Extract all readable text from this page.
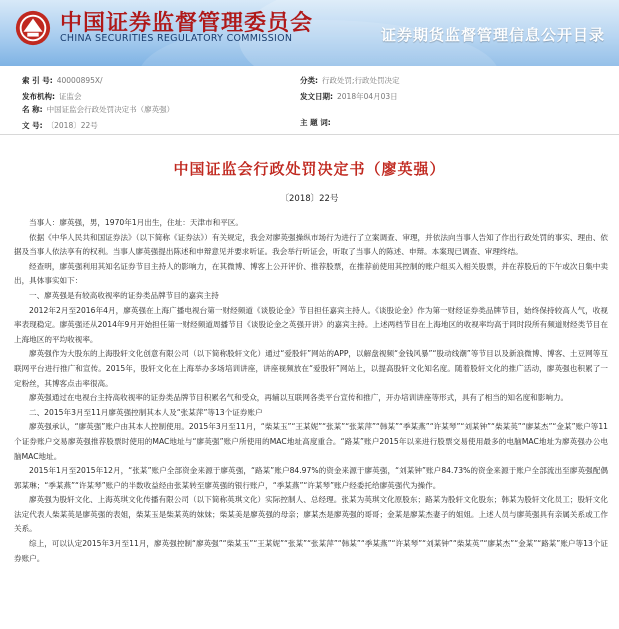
中国证券监督管理委员会
CHINA SECURITIES REGULATORY COMMISSION	证券期货监督管理信息公开目录
索 引 号: 40000895X/	分类: 行政处罚;行政处罚决定
发布机构: 证监会	发文日期: 2018年04月03日
名 称: 中国证监会行政处罚决定书（廖英强）
文 号: 〔2018〕22号	主 题 词:
中国证监会行政处罚决定书（廖英强）
〔2018〕22号

当事人：廖英强，男，1970年1月出生，住址：天津市和平区。

依据《中华人民共和国证券法》（以下简称《证券法》）有关规定，我会对廖英强操纵市场行为进行了立案调查、审理，并依法向当事人告知了作出行政处罚的事实、理由、依据及当事人依法享有的权利。当事人廖英强提出陈述和申辩意见并要求听证。我会举行听证会，听取了当事人的陈述、申辩。本案现已调查、审理终结。

经查明，廖英强利用其知名证券节目主持人的影响力，在其微博、博客上公开评价、推荐股票，在推荐前使用其控制的账户组买入相关股票，并在荐股后的下午或次日集中卖出，具体事实如下：

一、廖英强是有较高收视率的证券类品牌节目的嘉宾主持

2012年2月至2016年4月，廖英强在上海广播电视台第一财经频道《谈股论金》节目担任嘉宾主持人。《谈股论金》作为第一财经证券类品牌节目，始终保持较高人气，收视率表现稳定。廖英强还从2014年9月开始担任第一财经频道周播节目《谈股论金之英强开讲》的嘉宾主持。上述两档节目在上海地区的收视率均高于同时段所有频道财经类节目在上海地区的平均收视率。

廖英强作为大股东的上海股轩文化创意有限公司（以下简称股轩文化）通过“爱股轩”网站的APP，以解盘视频“金钱风暴”“股动线潮”等节目以及新浪微博、博客、土豆网等互联网平台进行推广和宣传。2015年，股轩文化在上海举办多场培训讲座，讲座视频放在“爱股轩”网站上，以提高股轩文化知名度。随着股轩文化的推广活动，廖英强也积累了一定粉丝，其博客点击率很高。

廖英强通过在电视台主持高收视率的证券类品牌节目积累名气和受众，再辅以互联网各类平台宣传和推广，开办培训讲座等形式，具有了相当的知名度和影响力。

二、2015年3月至11月廖英强控制其本人及“张某萍”等13个证券账户

廖英强承认，“廖英强”账户由其本人控制使用。2015年3月至11月，“柴某玉”“王某妮”“张某”“张某萍”“韩某”“季某燕”“许某琴”“刘某钟”“柴某英”“廖某杰”“金某”账户等11个证券账户交易廖英强推荐股票时使用的MAC地址与“廖英强”账户所使用的MAC地址高度重合。“路某”账户2015年以来进行股票交易使用最多的电脑MAC地址为廖英强办公电脑MAC地址。

2015年1月至2015年12月，“张某”账户全部资金来源于廖英强，“路某”账户84.97%的资金来源于廖英强，“刘某钟”账户84.73%的资金来源于账户全部流出至廖英强配偶郭某琳；“季某燕”“许某琴”账户的半数收益经由张某转至廖英强的银行账户，“季某燕”“许某琴”账户经委托给廖英强代为操作。

廖英强为股轩文化、上海英琪文化传播有限公司（以下简称英琪文化）实际控制人、总经理。张某为英琪文化原股东；路某为股轩文化股东；韩某为股轩文化员工；股轩文化法定代表人柴某英是廖英强的表姐，柴某玉是柴某英的妹妹；柴某美是廖英强的母亲；廖某杰是廖英强的哥哥；金某是廖某杰妻子的姐姐。上述人员与廖英强具有亲属关系或工作关系。

综上，可以认定2015年3月至11月，廖英强控制“廖英强”“柴某玉”“王某妮”“张某”“张某萍”“韩某”“季某燕”“许某琴”“刘某钟”“柴某英”“廖某杰”“金某”“路某”账户等13个证券账户。
